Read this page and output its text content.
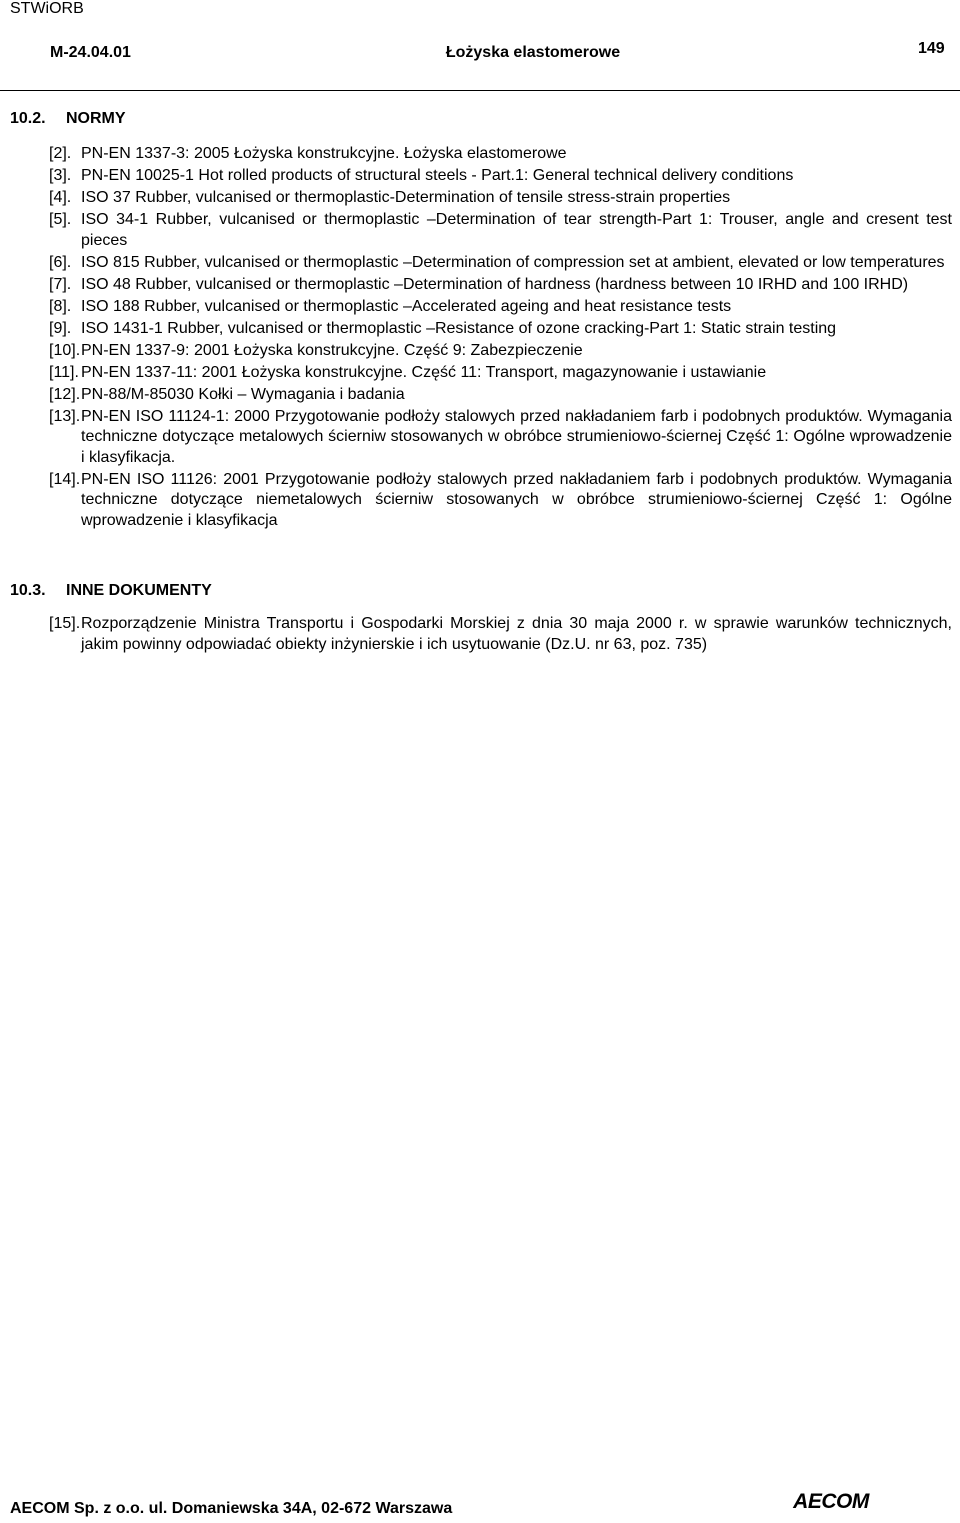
STWiORB
M-24.04.01	Łożyska elastomerowe	149
10.2. NORMY
[2]. PN-EN 1337-3: 2005 Łożyska konstrukcyjne. Łożyska elastomerowe
[3]. PN-EN 10025-1 Hot rolled products of structural steels - Part.1: General technical delivery conditions
[4]. ISO 37 Rubber, vulcanised or thermoplastic-Determination of tensile stress-strain properties
[5]. ISO 34-1 Rubber, vulcanised or thermoplastic –Determination of tear strength-Part 1: Trouser, angle and cresent test pieces
[6]. ISO 815 Rubber, vulcanised or thermoplastic –Determination of compression set at ambient, elevated or low temperatures
[7]. ISO 48 Rubber, vulcanised or thermoplastic –Determination of hardness (hardness between 10 IRHD and 100 IRHD)
[8]. ISO 188 Rubber, vulcanised or thermoplastic –Accelerated ageing and heat resistance tests
[9]. ISO 1431-1 Rubber, vulcanised or thermoplastic –Resistance of ozone cracking-Part 1: Static strain testing
[10]. PN-EN 1337-9: 2001 Łożyska konstrukcyjne. Część 9: Zabezpieczenie
[11]. PN-EN 1337-11: 2001 Łożyska konstrukcyjne. Część 11: Transport, magazynowanie i ustawianie
[12]. PN-88/M-85030 Kołki – Wymagania i badania
[13]. PN-EN ISO 11124-1: 2000 Przygotowanie podłoży stalowych przed nakładaniem farb i podobnych produktów. Wymagania techniczne dotyczące metalowych ścierniw stosowanych w obróbce strumieniowo-ściernej Część 1: Ogólne wprowadzenie i klasyfikacja.
[14]. PN-EN ISO 11126: 2001 Przygotowanie podłoży stalowych przed nakładaniem farb i podobnych produktów. Wymagania techniczne dotyczące niemetalowych ścierniw stosowanych w obróbce strumieniowo-ściernej Część 1: Ogólne wprowadzenie i klasyfikacja
10.3. INNE DOKUMENTY
[15]. Rozporządzenie Ministra Transportu i Gospodarki Morskiej z dnia 30 maja 2000 r. w sprawie warunków technicznych, jakim powinny odpowiadać obiekty inżynierskie i ich usytuowanie (Dz.U. nr 63, poz. 735)
AECOM Sp. z o.o. ul. Domaniewska 34A, 02-672 Warszawa	AECOM
